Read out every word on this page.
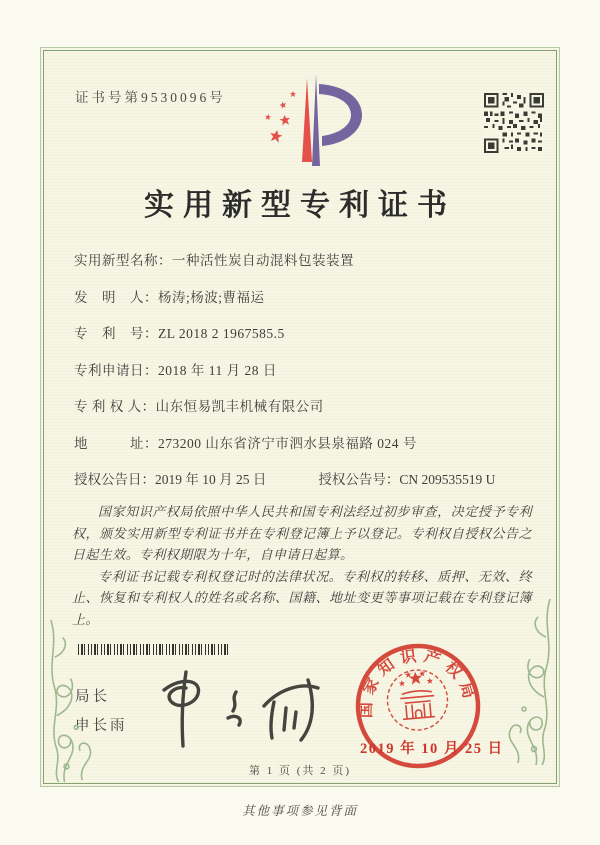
证书号第9530096号
实用新型专利证书
实用新型名称： 一种活性炭自动混料包装装置
发　明　人： 杨涛;杨波;曹福运
专　利　号： ZL 2018 2 1967585.5
专利申请日： 2018 年 11 月 28 日
专 利 权 人： 山东恒易凯丰机械有限公司
地　　　址： 273200 山东省济宁市泗水县泉福路 024 号
授权公告日： 2019 年 10 月 25 日	授权公告号： CN 209535519 U

国家知识产权局依照中华人民共和国专利法经过初步审查，决定授予专利权，颁发实用新型专利证书并在专利登记簿上予以登记。专利权自授权公告之日起生效。专利权期限为十年，自申请日起算。

专利证书记载专利权登记时的法律状况。专利权的转移、质押、无效、终止、恢复和专利权人的姓名或名称、国籍、地址变更等事项记载在专利登记簿上。

局长
申长雨
国家知识产权局
2019 年 10 月 25 日
第 1 页 (共 2 页)
其他事项参见背面
